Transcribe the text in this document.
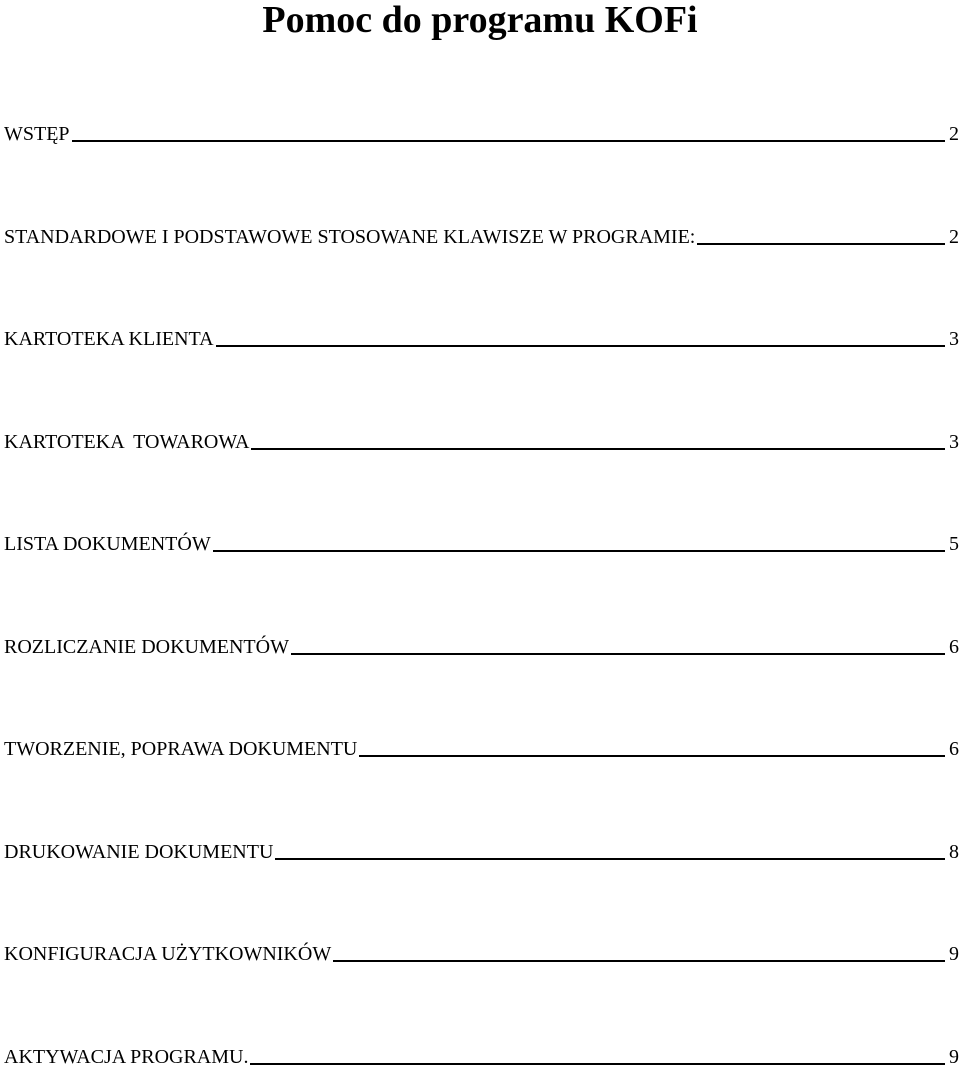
Pomoc do programu KOFi
WSTĘP	2
STANDARDOWE I PODSTAWOWE STOSOWANE KLAWISZE W PROGRAMIE:	2
KARTOTEKA KLIENTA	3
KARTOTEKA  TOWAROWA	3
LISTA DOKUMENTÓW	5
ROZLICZANIE DOKUMENTÓW	6
TWORZENIE, POPRAWA DOKUMENTU	6
DRUKOWANIE DOKUMENTU	8
KONFIGURACJA UŻYTKOWNIKÓW	9
AKTYWACJA PROGRAMU.	9
